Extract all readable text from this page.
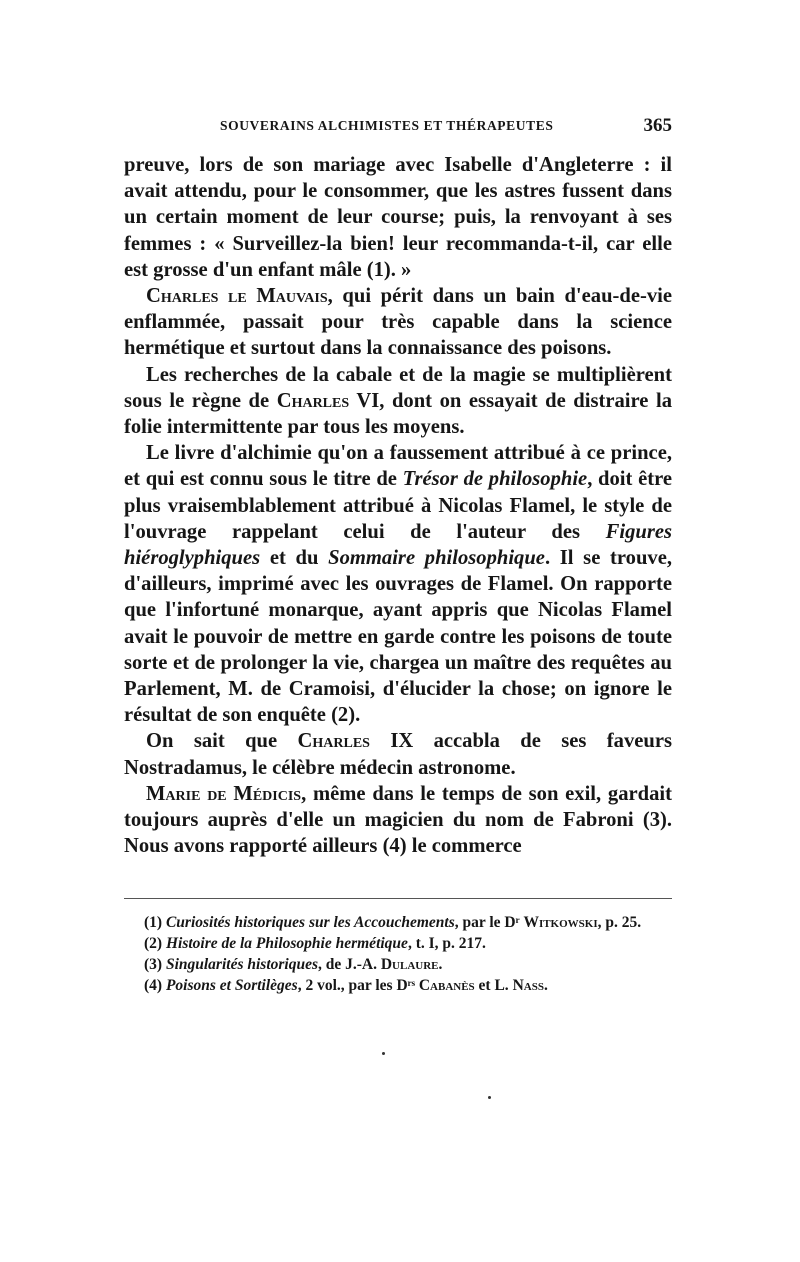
SOUVERAINS ALCHIMISTES ET THÉRAPEUTES	365

preuve, lors de son mariage avec Isabelle d'Angleterre : il avait attendu, pour le consommer, que les astres fussent dans un certain moment de leur course; puis, la renvoyant à ses femmes : « Surveillez-la bien! leur recommanda-t-il, car elle est grosse d'un enfant mâle (1). »

Charles le Mauvais, qui périt dans un bain d'eau-de-vie enflammée, passait pour très capable dans la science hermétique et surtout dans la connaissance des poisons.

Les recherches de la cabale et de la magie se multiplièrent sous le règne de Charles VI, dont on essayait de distraire la folie intermittente par tous les moyens.

Le livre d'alchimie qu'on a faussement attribué à ce prince, et qui est connu sous le titre de Trésor de philosophie, doit être plus vraisemblablement attribué à Nicolas Flamel, le style de l'ouvrage rappelant celui de l'auteur des Figures hiéroglyphiques et du Sommaire philosophique. Il se trouve, d'ailleurs, imprimé avec les ouvrages de Flamel. On rapporte que l'infortuné monarque, ayant appris que Nicolas Flamel avait le pouvoir de mettre en garde contre les poisons de toute sorte et de prolonger la vie, chargea un maître des requêtes au Parlement, M. de Cramoisi, d'élucider la chose; on ignore le résultat de son enquête (2).

On sait que Charles IX accabla de ses faveurs Nostradamus, le célèbre médecin astronome.

Marie de Médicis, même dans le temps de son exil, gardait toujours auprès d'elle un magicien du nom de Fabroni (3). Nous avons rapporté ailleurs (4) le commerce

(1) Curiosités historiques sur les Accouchements, par le Dʳ Witkowski, p. 25.

(2) Histoire de la Philosophie hermétique, t. I, p. 217.

(3) Singularités historiques, de J.-A. Dulaure.

(4) Poisons et Sortilèges, 2 vol., par les Dʳˢ Cabanès et L. Nass.
